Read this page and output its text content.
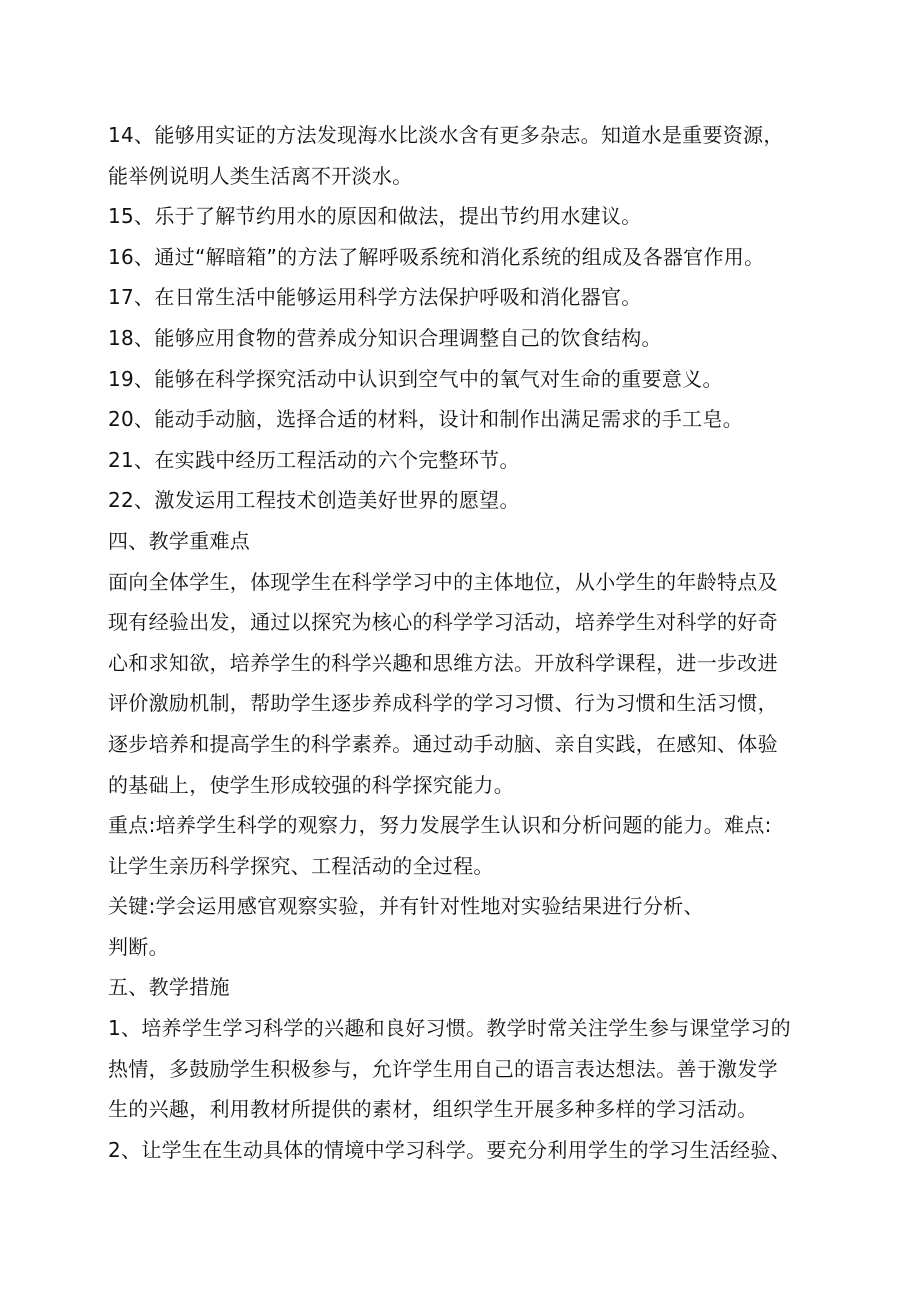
14、能够用实证的方法发现海水比淡水含有更多杂志。知道水是重要资源，
能举例说明人类生活离不开淡水。
15、乐于了解节约用水的原因和做法，提出节约用水建议。
16、通过“解暗箱”的方法了解呼吸系统和消化系统的组成及各器官作用。
17、在日常生活中能够运用科学方法保护呼吸和消化器官。
18、能够应用食物的营养成分知识合理调整自己的饮食结构。
19、能够在科学探究活动中认识到空气中的氧气对生命的重要意义。
20、能动手动脑，选择合适的材料，设计和制作出满足需求的手工皂。
21、在实践中经历工程活动的六个完整环节。
22、激发运用工程技术创造美好世界的愿望。
四、教学重难点
面向全体学生，体现学生在科学学习中的主体地位，从小学生的年龄特点及
现有经验出发，通过以探究为核心的科学学习活动，培养学生对科学的好奇
心和求知欲，培养学生的科学兴趣和思维方法。开放科学课程，进一步改进
评价激励机制，帮助学生逐步养成科学的学习习惯、行为习惯和生活习惯，
逐步培养和提高学生的科学素养。通过动手动脑、亲自实践，在感知、体验
的基础上，使学生形成较强的科学探究能力。
重点:培养学生科学的观察力，努力发展学生认识和分析问题的能力。难点:
让学生亲历科学探究、工程活动的全过程。
关键:学会运用感官观察实验，并有针对性地对实验结果进行分析、
判断。
五、教学措施
1、培养学生学习科学的兴趣和良好习惯。教学时常关注学生参与课堂学习的
热情，多鼓励学生积极参与，允许学生用自己的语言表达想法。善于激发学
生的兴趣，利用教材所提供的素材，组织学生开展多种多样的学习活动。
2、让学生在生动具体的情境中学习科学。要充分利用学生的学习生活经验、
